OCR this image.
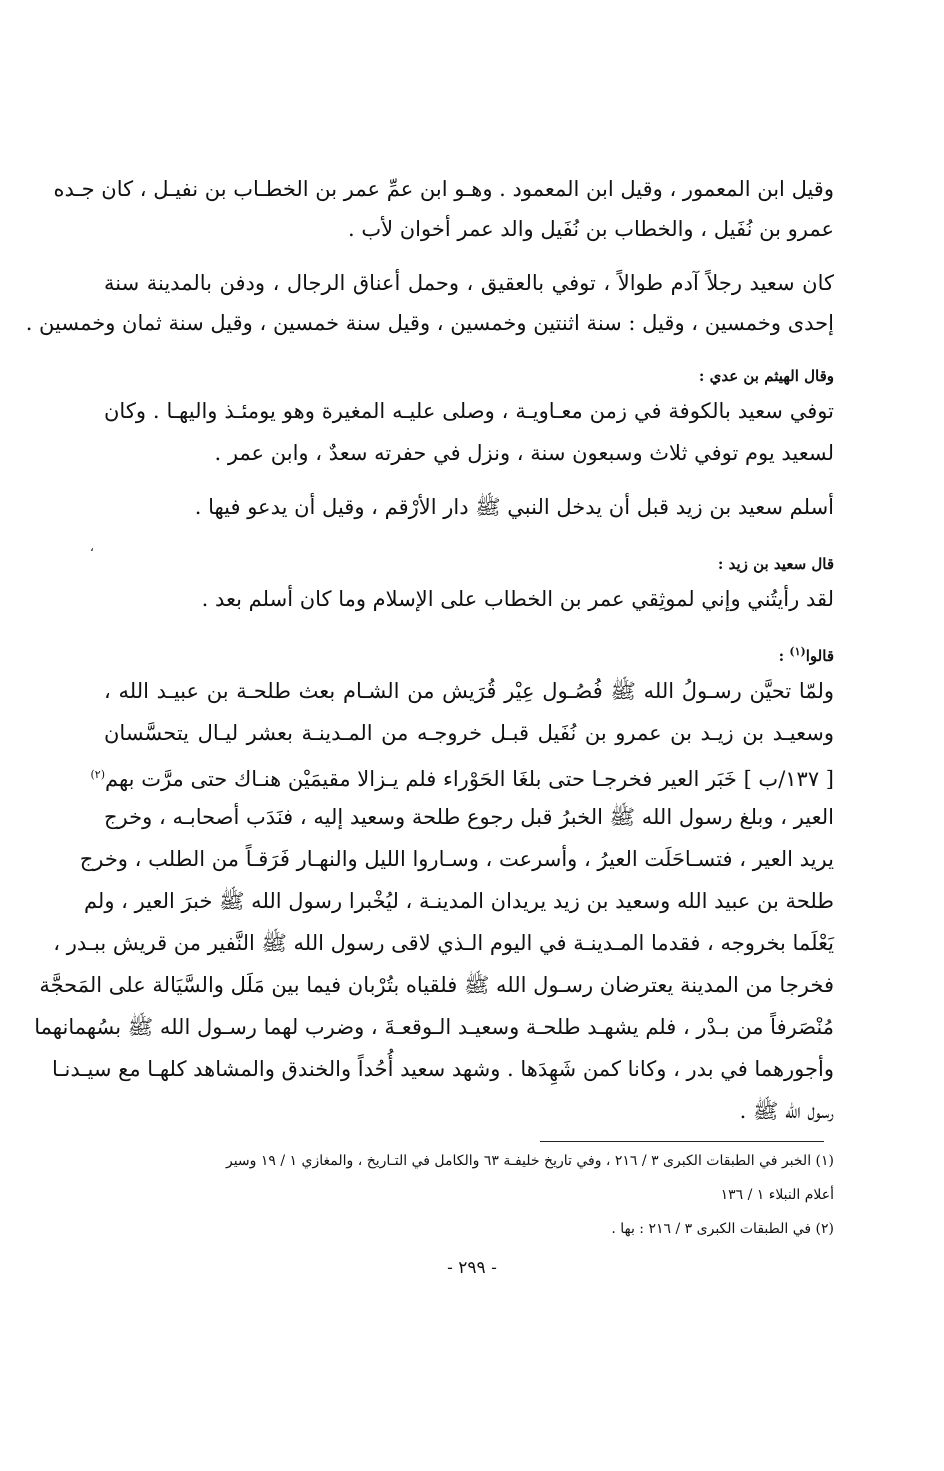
وقيل ابن المعمور ، وقيل ابن المعمود . وهـو ابن عمِّ عمر بن الخطـاب بن نفيـل ، كان جـده
عمرو بن نُفَيل ، والخطاب بن نُفَيل والد عمر أخوان لأب .
كان سعيد رجلاً آدم طوالاً ، توفي بالعقيق ، وحمل أعناق الرجال ، ودفن بالمدينة سنة
إحدى وخمسين ، وقيل : سنة اثنتين وخمسين ، وقيل سنة خمسين ، وقيل سنة ثمان وخمسين .
وقال الهيثم بن عدي :
توفي سعيد بالكوفة في زمن معـاويـة ، وصلى عليـه المغيرة وهو يومئـذ واليهـا . وكان
لسعيد يوم توفي ثلاث وسبعون سنة ، ونزل في حفرته سعدٌ ، وابن عمر .
أسلم سعيد بن زيد قبل أن يدخل النبي ﷺ دار الأرْقم ، وقيل أن يدعو فيها .
،
قال سعيد بن زيد :
لقد رأيتُني وإني لموثِقي عمر بن الخطاب على الإسلام وما كان أسلم بعد .
قالوا$^{(١)}$ :
ولمّا تحيَّن رسـولُ الله ﷺ فُصُـول عِيْر قُرَيش من الشـام بعث طلحـة بن عبيـد الله ،
وسعيـد بن زيـد بن عمرو بن نُفَيل قبـل خروجـه من المـدينـة بعشر ليـال يتحسَّسان
[ ١٣٧/ب ] خَبَر العير فخرجـا حتى بلغَا الحَوْراء فلم يـزالا مقيمَيْن هنـاك حتى مرَّت بهم$^{(٢)}$
العير ، وبلغ رسول الله ﷺ الخبرُ قبل رجوع طلحة وسعيد إليه ، فنَدَب أصحابـه ، وخرج
يريد العير ، فتسـاحَلَت العيرُ ، وأسرعت ، وسـاروا الليل والنهـار فَرَقـاً من الطلب ، وخرج
طلحة بن عبيد الله وسعيد بن زيد يريدان المدينـة ، ليُخْبرا رسول الله ﷺ خبرَ العير ، ولم
يَعْلَما بخروجه ، فقدما المـدينـة في اليوم الـذي لاقى رسول الله ﷺ النَّفير من قريش ببـدر ،
فخرجا من المدينة يعترضان رسـول الله ﷺ فلقياه بتُرْبان فيما بين مَلَل والسَّيَالة على المَحجَّة
مُنْصَرفاً من بـدْر ، فلم يشهـد طلحـة وسعيـد الـوقعـةَ ، وضرب لهما رسـول الله ﷺ بسُهمانهما
وأجورهما في بدر ، وكانا كمن شَهِدَها . وشهد سعيد أُحُداً والخندق والمشاهد كلهـا مع سيـدنـا
رسول الله ﷺ .
(١) الخبر في الطبقات الكبرى ٣ / ٢١٦ ، وفي تاريخ خليفـة ٦٣ والكامل في التـاريخ ، والمغازي ١ / ١٩ وسير
أعلام النبلاء ١ / ١٣٦
(٢) في الطبقات الكبرى ٣ / ٢١٦ : بها .
- ٢٩٩ -
